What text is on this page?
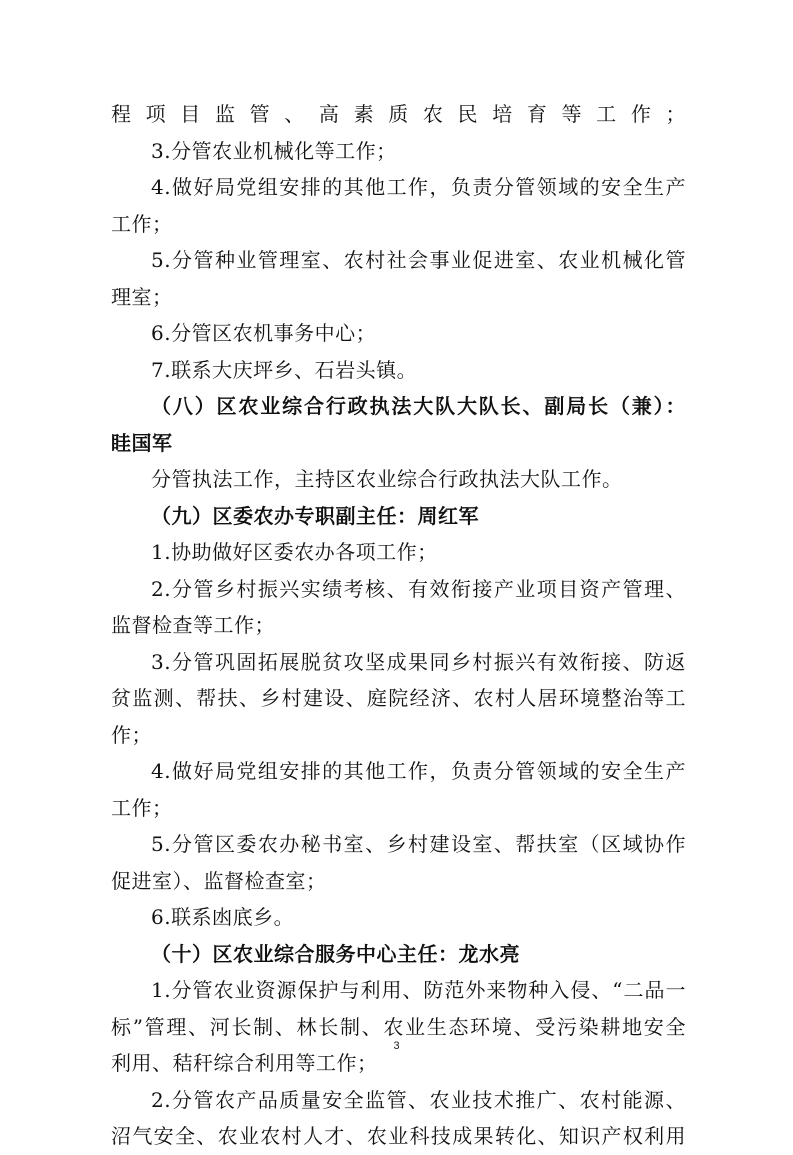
程项目监管、高素质农民培育等工作；
3.分管农业机械化等工作；
4.做好局党组安排的其他工作，负责分管领域的安全生产
工作；
5.分管种业管理室、农村社会事业促进室、农业机械化管
理室；
6.分管区农机事务中心；
7.联系大庆坪乡、石岩头镇。
（八）区农业综合行政执法大队大队长、副局长（兼）：
眭国军
分管执法工作，主持区农业综合行政执法大队工作。
（九）区委农办专职副主任：周红军
1.协助做好区委农办各项工作；
2.分管乡村振兴实绩考核、有效衔接产业项目资产管理、
监督检查等工作；
3.分管巩固拓展脱贫攻坚成果同乡村振兴有效衔接、防返
贫监测、帮扶、乡村建设、庭院经济、农村人居环境整治等工
作；
4.做好局党组安排的其他工作，负责分管领域的安全生产
工作；
5.分管区委农办秘书室、乡村建设室、帮扶室（区域协作
促进室）、监督检查室；
6.联系凼底乡。
（十）区农业综合服务中心主任：龙水亮
1.分管农业资源保护与利用、防范外来物种入侵、“二品一
标”管理、河长制、林长制、农业生态环境、受污染耕地安全
利用、秸秆综合利用等工作；
2.分管农产品质量安全监管、农业技术推广、农村能源、
沼气安全、农业农村人才、农业科技成果转化、知识产权利用
3
